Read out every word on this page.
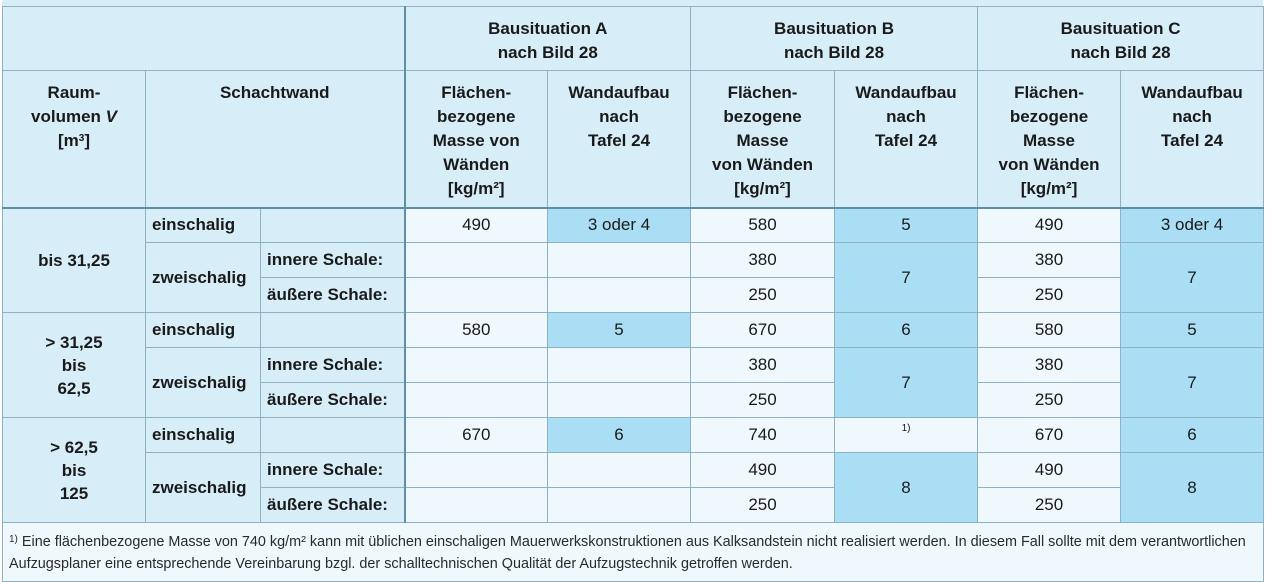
			Bausituation A
nach Bild 28		Bausituation B
nach Bild 28		Bausituation C
nach Bild 28	
Raum-
volumen V
$[m^3]$	Schachtwand		Flächen-
bezogene
Masse von
Wänden
[kg/m²]	Wandaufbau
nach
Tafel 24	Flächen-
bezogene
Masse
von Wänden
[kg/m²]	Wandaufbau
nach
Tafel 24	Flächen-
bezogene
Masse
von Wänden
[kg/m²]	Wandaufbau
nach
Tafel 24
bis 31,25	einschalig		490	3 oder 4	580	5	490	3 oder 4
	zweischalig	innere Schale:			380	7	380	7
		äußere Schale:			250		250	
> 31,25
bis
62,5	einschalig		580	5	670	6	580	5
	zweischalig	innere Schale:			380	7	380	7
		äußere Schale:			250		250	
> 62,5
bis
125	einschalig		670	6	740	$^{1)}$	670	6
	zweischalig	innere Schale:			490	8	490	8
		äußere Schale:			250		250	
$^{1)}$ Eine flächenbezogene Masse von 740 kg/m² kann mit üblichen einschaligen Mauerwerkskonstruktionen aus Kalksandstein nicht realisiert werden. In diesem Fall sollte mit dem verantwortlichen Aufzugsplaner eine entsprechende Vereinbarung bzgl. der schalltechnischen Qualität der Aufzugstechnik getroffen werden.								
